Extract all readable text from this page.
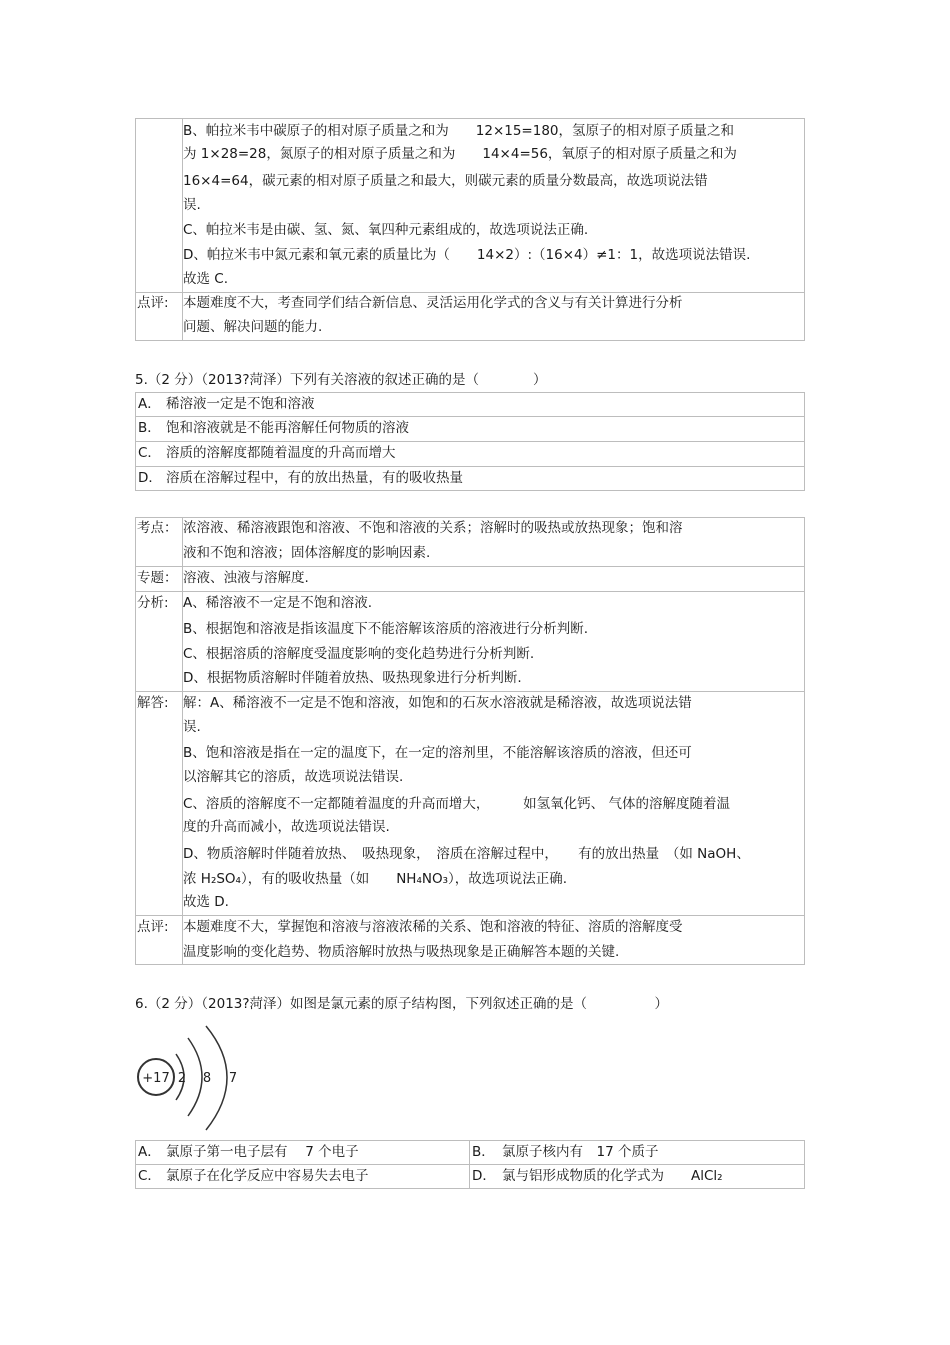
B、帕拉米韦中碳原子的相对原子质量之和为　　12×15=180，氢原子的相对原子质量之和
为 1×28=28，氮原子的相对原子质量之和为　　14×4=56，氧原子的相对原子质量之和为
16×4=64，碳元素的相对原子质量之和最大，则碳元素的质量分数最高，故选项说法错
误.
C、帕拉米韦是由碳、氢、氮、氧四种元素组成的，故选项说法正确.
D、帕拉米韦中氮元素和氧元素的质量比为（　　14×2）:（16×4）≠1：1，故选项说法错误.
故选 C.
点评: 本题难度不大，考查同学们结合新信息、灵活运用化学式的含义与有关计算进行分析
问题、解决问题的能力.
5.（2 分）（2013?菏泽）下列有关溶液的叙述正确的是（　　　　）
A． 稀溶液一定是不饱和溶液
B． 饱和溶液就是不能再溶解任何物质的溶液
C． 溶质的溶解度都随着温度的升高而增大
D． 溶质在溶解过程中，有的放出热量，有的吸收热量
考点： 浓溶液、稀溶液跟饱和溶液、不饱和溶液的关系；溶解时的吸热或放热现象；饱和溶
液和不饱和溶液；固体溶解度的影响因素.
专题： 溶液、浊液与溶解度.
分析: A、稀溶液不一定是不饱和溶液.
B、根据饱和溶液是指该温度下不能溶解该溶质的溶液进行分析判断.
C、根据溶质的溶解度受温度影响的变化趋势进行分析判断.
D、根据物质溶解时伴随着放热、吸热现象进行分析判断.
解答: 解：A、稀溶液不一定是不饱和溶液，如饱和的石灰水溶液就是稀溶液，故选项说法错
误.
B、饱和溶液是指在一定的温度下，在一定的溶剂里，不能溶解该溶质的溶液，但还可
以溶解其它的溶质，故选项说法错误.
C、溶质的溶解度不一定都随着温度的升高而增大，　　　如氢氧化钙、 气体的溶解度随着温
度的升高而减小，故选项说法错误.
D、物质溶解时伴随着放热、　吸热现象，　溶质在溶解过程中，　　有的放出热量　（如 NaOH、
浓 H₂SO₄），有的吸收热量（如　　NH₄NO₃），故选项说法正确.
故选 D.
点评: 本题难度不大，掌握饱和溶液与溶液浓稀的关系、饱和溶液的特征、溶质的溶解度受
温度影响的变化趋势、物质溶解时放热与吸热现象是正确解答本题的关键.
6.（2 分）（2013?菏泽）如图是氯元素的原子结构图，下列叙述正确的是（　　　　　）
+17 2 8 7
A． 氯原子第一电子层有　 7 个电子	B． 氯原子核内有　17 个质子
C． 氯原子在化学反应中容易失去电子	D． 氯与铝形成物质的化学式为　　AlCl₂
